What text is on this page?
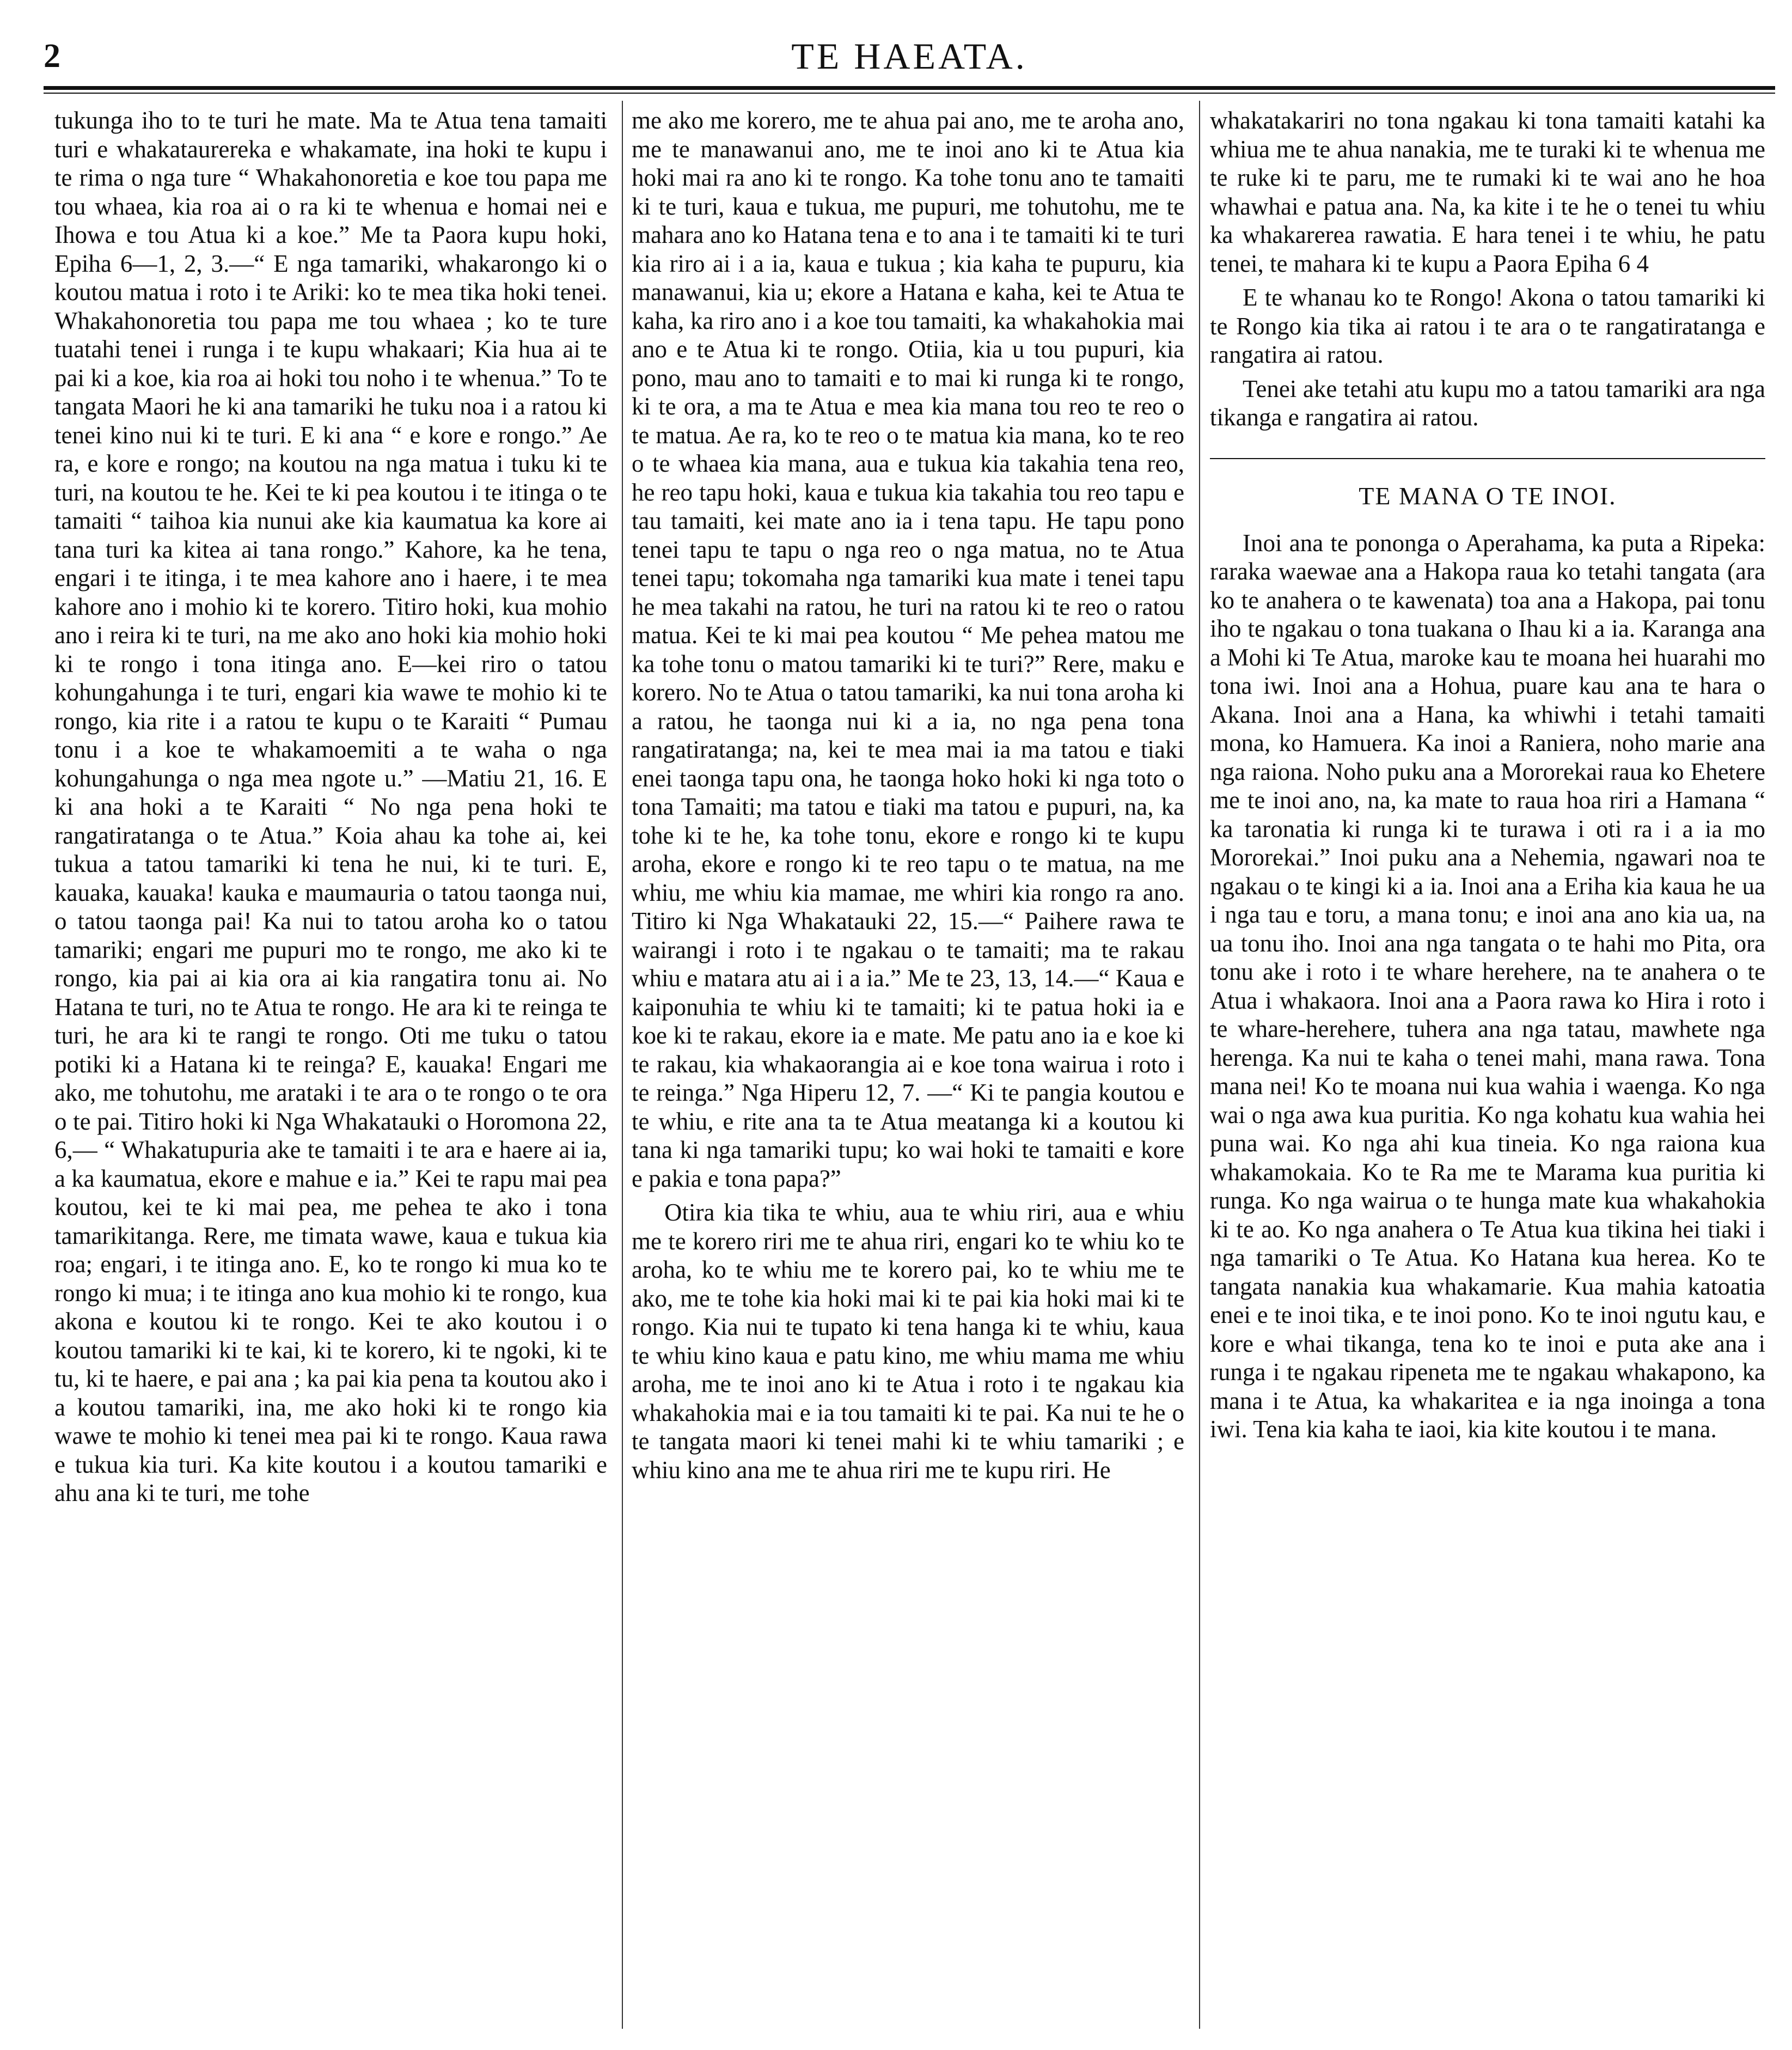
2	TE HAEATA.

tukunga iho to te turi he mate. Ma te Atua tena tamaiti turi e whakataurereka e whakamate, ina hoki te kupu i te rima o nga ture “ Whakahonoretia e koe tou papa me tou whaea, kia roa ai o ra ki te whenua e homai nei e Ihowa e tou Atua ki a koe.” Me ta Paora kupu hoki, Epiha 6—1, 2, 3.—“ E nga tamariki, whakarongo ki o koutou matua i roto i te Ariki: ko te mea tika hoki tenei. Whakahonoretia tou papa me tou whaea ; ko te ture tuatahi tenei i runga i te kupu whakaari; Kia hua ai te pai ki a koe, kia roa ai hoki tou noho i te whenua.” To te tangata Maori he ki ana tamariki he tuku noa i a ratou ki tenei kino nui ki te turi. E ki ana “ e kore e rongo.” Ae ra, e kore e rongo; na koutou na nga matua i tuku ki te turi, na koutou te he. Kei te ki pea koutou i te itinga o te tamaiti “ taihoa kia nunui ake kia kaumatua ka kore ai tana turi ka kitea ai tana rongo.” Kahore, ka he tena, engari i te itinga, i te mea kahore ano i haere, i te mea kahore ano i mohio ki te korero. Titiro hoki, kua mohio ano i reira ki te turi, na me ako ano hoki kia mohio hoki ki te rongo i tona itinga ano. E—kei riro o tatou kohungahunga i te turi, engari kia wawe te mohio ki te rongo, kia rite i a ratou te kupu o te Karaiti “ Pumau tonu i a koe te whakamoemiti a te waha o nga kohungahunga o nga mea ngote u.” —Matiu 21, 16. E ki ana hoki a te Karaiti “ No nga pena hoki te rangatiratanga o te Atua.” Koia ahau ka tohe ai, kei tukua a tatou tamariki ki tena he nui, ki te turi. E, kauaka, kauaka! kauka e maumauria o tatou taonga nui, o tatou taonga pai! Ka nui to tatou aroha ko o tatou tamariki; engari me pupuri mo te rongo, me ako ki te rongo, kia pai ai kia ora ai kia rangatira tonu ai. No Hatana te turi, no te Atua te rongo. He ara ki te reinga te turi, he ara ki te rangi te rongo. Oti me tuku o tatou potiki ki a Hatana ki te reinga? E, kauaka! Engari me ako, me tohutohu, me arataki i te ara o te rongo o te ora o te pai. Titiro hoki ki Nga Whakatauki o Horomona 22, 6,— “ Whakatupuria ake te tamaiti i te ara e haere ai ia, a ka kaumatua, ekore e mahue e ia.” Kei te rapu mai pea koutou, kei te ki mai pea, me pehea te ako i tona tamarikitanga. Rere, me timata wawe, kaua e tukua kia roa; engari, i te itinga ano. E, ko te rongo ki mua ko te rongo ki mua; i te itinga ano kua mohio ki te rongo, kua akona e koutou ki te rongo. Kei te ako koutou i o koutou tamariki ki te kai, ki te korero, ki te ngoki, ki te tu, ki te haere, e pai ana ; ka pai kia pena ta koutou ako i a koutou tamariki, ina, me ako hoki ki te rongo kia wawe te mohio ki tenei mea pai ki te rongo. Kaua rawa e tukua kia turi. Ka kite koutou i a koutou tamariki e ahu ana ki te turi, me tohe

me ako me korero, me te ahua pai ano, me te aroha ano, me te manawanui ano, me te inoi ano ki te Atua kia hoki mai ra ano ki te rongo. Ka tohe tonu ano te tamaiti ki te turi, kaua e tukua, me pupuri, me tohutohu, me te mahara ano ko Hatana tena e to ana i te tamaiti ki te turi kia riro ai i a ia, kaua e tukua ; kia kaha te pupuru, kia manawanui, kia u; ekore a Hatana e kaha, kei te Atua te kaha, ka riro ano i a koe tou tamaiti, ka whakahokia mai ano e te Atua ki te rongo. Otiia, kia u tou pupuri, kia pono, mau ano to tamaiti e to mai ki runga ki te rongo, ki te ora, a ma te Atua e mea kia mana tou reo te reo o te matua. Ae ra, ko te reo o te matua kia mana, ko te reo o te whaea kia mana, aua e tukua kia takahia tena reo, he reo tapu hoki, kaua e tukua kia takahia tou reo tapu e tau tamaiti, kei mate ano ia i tena tapu. He tapu pono tenei tapu te tapu o nga reo o nga matua, no te Atua tenei tapu; tokomaha nga tamariki kua mate i tenei tapu he mea takahi na ratou, he turi na ratou ki te reo o ratou matua. Kei te ki mai pea koutou “ Me pehea matou me ka tohe tonu o matou tamariki ki te turi?” Rere, maku e korero. No te Atua o tatou tamariki, ka nui tona aroha ki a ratou, he taonga nui ki a ia, no nga pena tona rangatiratanga; na, kei te mea mai ia ma tatou e tiaki enei taonga tapu ona, he taonga hoko hoki ki nga toto o tona Tamaiti; ma tatou e tiaki ma tatou e pupuri, na, ka tohe ki te he, ka tohe tonu, ekore e rongo ki te kupu aroha, ekore e rongo ki te reo tapu o te matua, na me whiu, me whiu kia mamae, me whiri kia rongo ra ano. Titiro ki Nga Whakatauki 22, 15.—“ Paihere rawa te wairangi i roto i te ngakau o te tamaiti; ma te rakau whiu e matara atu ai i a ia.” Me te 23, 13, 14.—“ Kaua e kaiponuhia te whiu ki te tamaiti; ki te patua hoki ia e koe ki te rakau, ekore ia e mate. Me patu ano ia e koe ki te rakau, kia whakaorangia ai e koe tona wairua i roto i te reinga.” Nga Hiperu 12, 7. —“ Ki te pangia koutou e te whiu, e rite ana ta te Atua meatanga ki a koutou ki tana ki nga tamariki tupu; ko wai hoki te tamaiti e kore e pakia e tona papa?”

Otira kia tika te whiu, aua te whiu riri, aua e whiu me te korero riri me te ahua riri, engari ko te whiu ko te aroha, ko te whiu me te korero pai, ko te whiu me te ako, me te tohe kia hoki mai ki te pai kia hoki mai ki te rongo. Kia nui te tupato ki tena hanga ki te whiu, kaua te whiu kino kaua e patu kino, me whiu mama me whiu aroha, me te inoi ano ki te Atua i roto i te ngakau kia whakahokia mai e ia tou tamaiti ki te pai. Ka nui te he o te tangata maori ki tenei mahi ki te whiu tamariki ; e whiu kino ana me te ahua riri me te kupu riri. He

whakatakariri no tona ngakau ki tona tamaiti katahi ka whiua me te ahua nanakia, me te turaki ki te whenua me te ruke ki te paru, me te rumaki ki te wai ano he hoa whawhai e patua ana. Na, ka kite i te he o tenei tu whiu ka whakarerea rawatia. E hara tenei i te whiu, he patu tenei, te mahara ki te kupu a Paora Epiha 6 4

E te whanau ko te Rongo! Akona o tatou tamariki ki te Rongo kia tika ai ratou i te ara o te rangatiratanga e rangatira ai ratou.

Tenei ake tetahi atu kupu mo a tatou tamariki ara nga tikanga e rangatira ai ratou.

TE MANA O TE INOI.

Inoi ana te pononga o Aperahama, ka puta a Ripeka: raraka waewae ana a Hakopa raua ko tetahi tangata (ara ko te anahera o te kawenata) toa ana a Hakopa, pai tonu iho te ngakau o tona tuakana o Ihau ki a ia. Karanga ana a Mohi ki Te Atua, maroke kau te moana hei huarahi mo tona iwi. Inoi ana a Hohua, puare kau ana te hara o Akana. Inoi ana a Hana, ka whiwhi i tetahi tamaiti mona, ko Hamuera. Ka inoi a Raniera, noho marie ana nga raiona. Noho puku ana a Mororekai raua ko Ehetere me te inoi ano, na, ka mate to raua hoa riri a Hamana “ ka taronatia ki runga ki te turawa i oti ra i a ia mo Mororekai.” Inoi puku ana a Nehemia, ngawari noa te ngakau o te kingi ki a ia. Inoi ana a Eriha kia kaua he ua i nga tau e toru, a mana tonu; e inoi ana ano kia ua, na ua tonu iho. Inoi ana nga tangata o te hahi mo Pita, ora tonu ake i roto i te whare herehere, na te anahera o te Atua i whakaora. Inoi ana a Paora rawa ko Hira i roto i te whare-herehere, tuhera ana nga tatau, mawhete nga herenga. Ka nui te kaha o tenei mahi, mana rawa. Tona mana nei! Ko te moana nui kua wahia i waenga. Ko nga wai o nga awa kua puritia. Ko nga kohatu kua wahia hei puna wai. Ko nga ahi kua tineia. Ko nga raiona kua whakamokaia. Ko te Ra me te Marama kua puritia ki runga. Ko nga wairua o te hunga mate kua whakahokia ki te ao. Ko nga anahera o Te Atua kua tikina hei tiaki i nga tamariki o Te Atua. Ko Hatana kua herea. Ko te tangata nanakia kua whakamarie. Kua mahia katoatia enei e te inoi tika, e te inoi pono. Ko te inoi ngutu kau, e kore e whai tikanga, tena ko te inoi e puta ake ana i runga i te ngakau ripeneta me te ngakau whakapono, ka mana i te Atua, ka whakaritea e ia nga inoinga a tona iwi. Tena kia kaha te iaoi, kia kite koutou i te mana.
